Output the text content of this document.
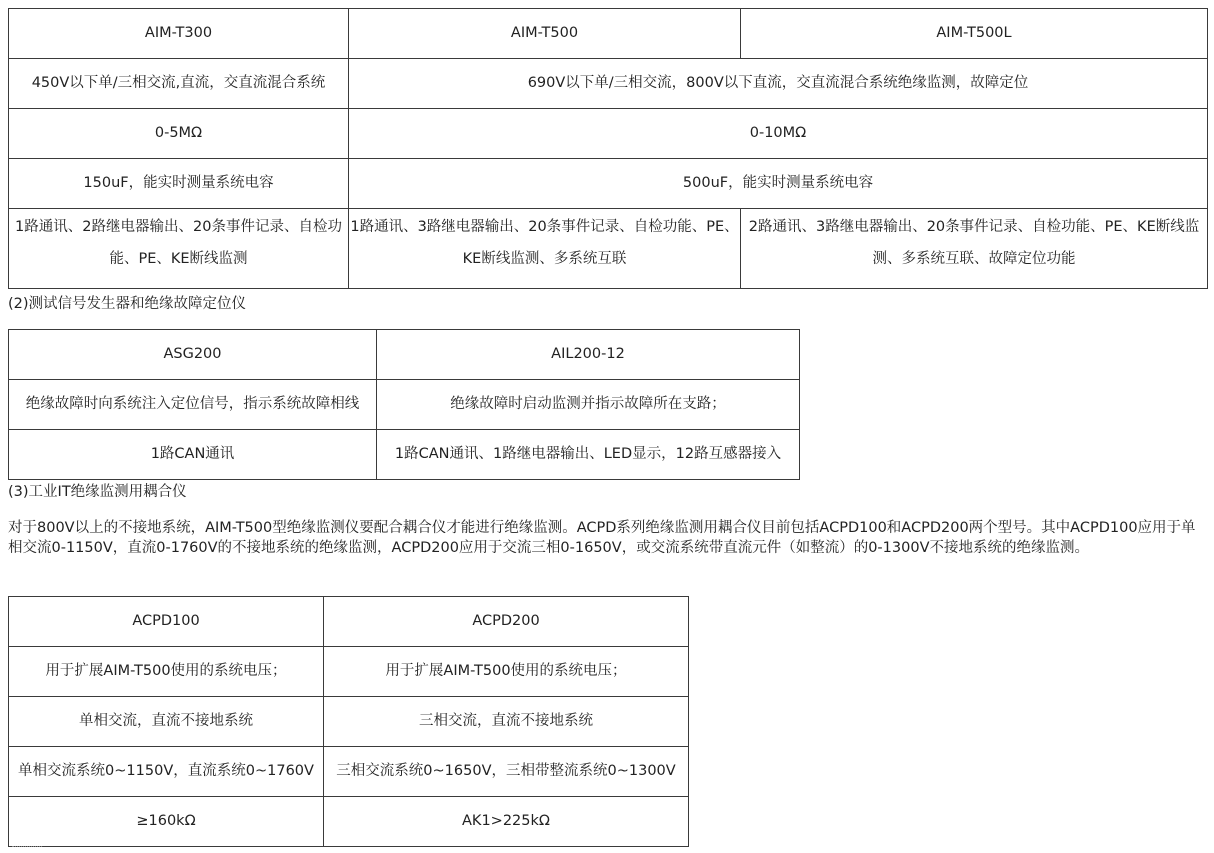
AIM-T300	AIM-T500	AIM-T500L
450V以下单/三相交流,直流，交直流混合系统	690V以下单/三相交流，800V以下直流，交直流混合系统绝缘监测，故障定位	
0-5MΩ	0-10MΩ	
150uF，能实时测量系统电容	500uF，能实时测量系统电容	
1路通讯、2路继电器输出、20条事件记录、自检功能、PE、KE断线监测	1路通讯、3路继电器输出、20条事件记录、自检功能、PE、KE断线监测、多系统互联	2路通讯、3路继电器输出、20条事件记录、自检功能、PE、KE断线监测、多系统互联、故障定位功能
(2)测试信号发生器和绝缘故障定位仪
ASG200	AIL200-12
绝缘故障时向系统注入定位信号，指示系统故障相线	绝缘故障时启动监测并指示故障所在支路；
1路CAN通讯	1路CAN通讯、1路继电器输出、LED显示，12路互感器接入
(3)工业IT绝缘监测用耦合仪
对于800V以上的不接地系统，AIM-T500型绝缘监测仪要配合耦合仪才能进行绝缘监测。ACPD系列绝缘监测用耦合仪目前包括ACPD100和ACPD200两个型号。其中ACPD100应用于单相交流0-1150V，直流0-1760V的不接地系统的绝缘监测，ACPD200应用于交流三相0-1650V，或交流系统带直流元件（如整流）的0-1300V不接地系统的绝缘监测。
ACPD100	ACPD200
用于扩展AIM-T500使用的系统电压；	用于扩展AIM-T500使用的系统电压；
单相交流，直流不接地系统	三相交流，直流不接地系统
单相交流系统0~1150V，直流系统0~1760V	三相交流系统0~1650V，三相带整流系统0~1300V
≥160kΩ	AK1>225kΩ
